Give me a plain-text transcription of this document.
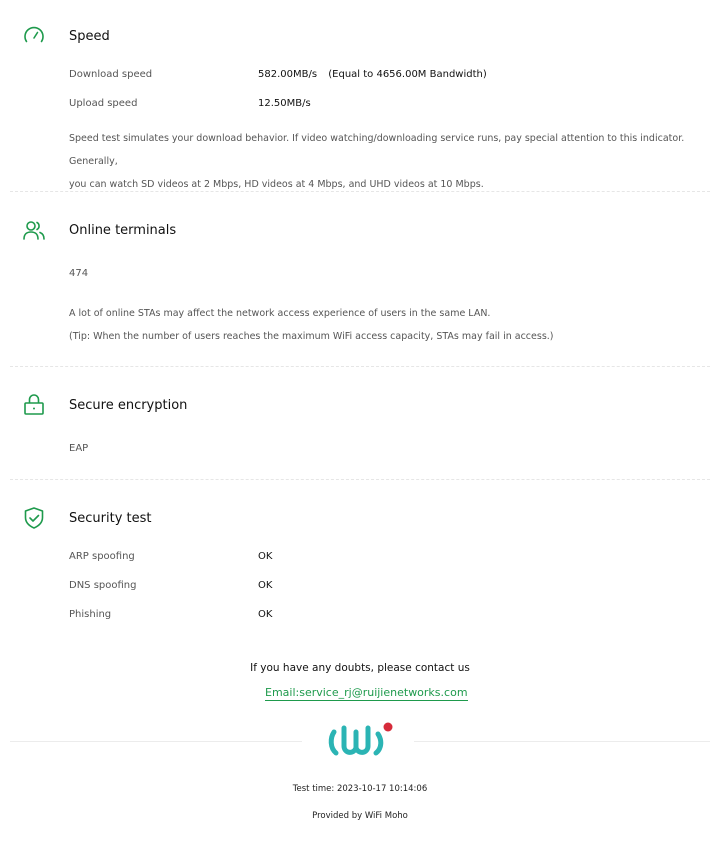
Speed
Download speed	582.00MB/s (Equal to 4656.00M Bandwidth)
Upload speed	12.50MB/s
Speed test simulates your download behavior. If video watching/downloading service runs, pay special attention to this indicator. Generally,
you can watch SD videos at 2 Mbps, HD videos at 4 Mbps, and UHD videos at 10 Mbps.
Online terminals
474
A lot of online STAs may affect the network access experience of users in the same LAN.
(Tip: When the number of users reaches the maximum WiFi access capacity, STAs may fail in access.)
Secure encryption
EAP
Security test
ARP spoofing	OK
DNS spoofing	OK
Phishing	OK
If you have any doubts, please contact us
Email:service_rj@ruijienetworks.com
Test time: 2023-10-17 10:14:06
Provided by WiFi Moho
